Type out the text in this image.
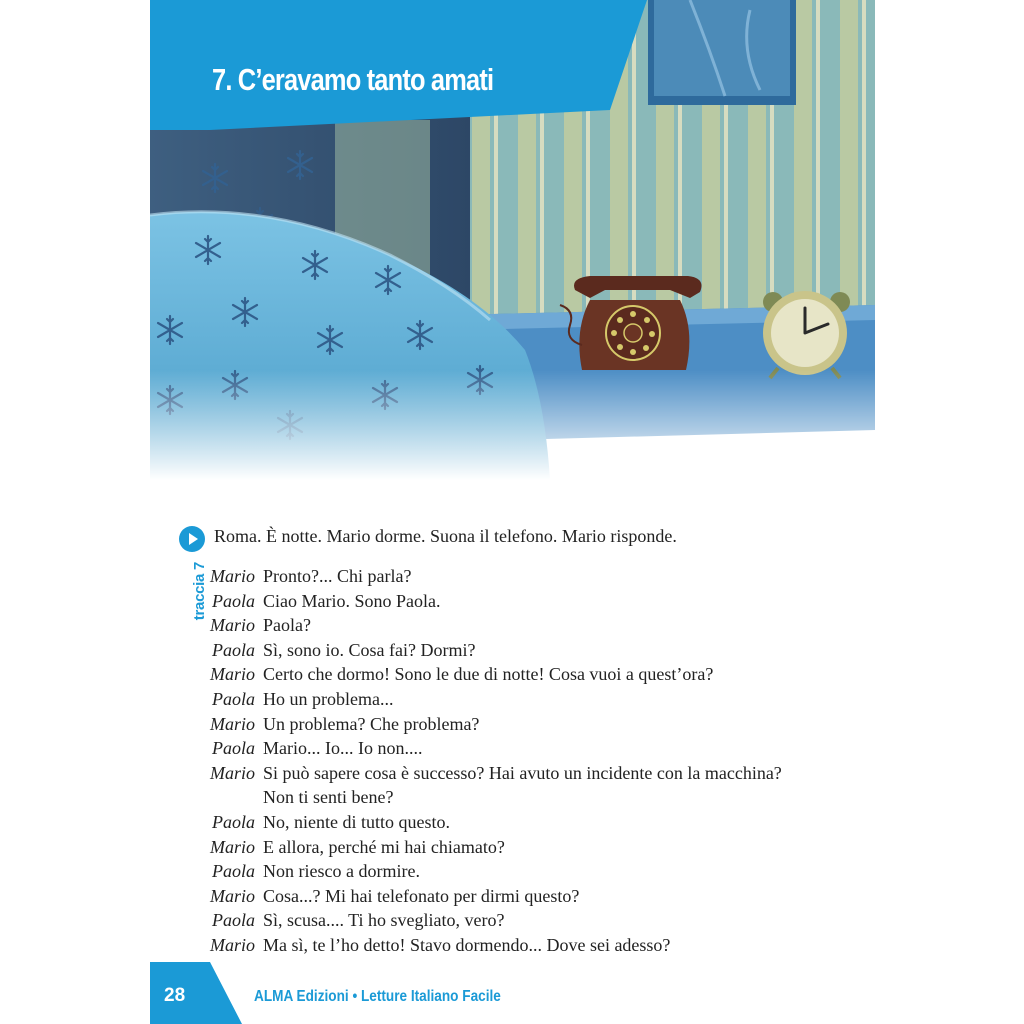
7. C’eravamo tanto amati
Roma. È notte. Mario dorme. Suona il telefono. Mario risponde.
traccia 7 Mario Pronto?... Chi parla?
Paola Ciao Mario. Sono Paola.
Mario Paola?
Paola Sì, sono io. Cosa fai? Dormi?
Mario Certo che dormo! Sono le due di notte! Cosa vuoi a quest’ora?
Paola Ho un problema...
Mario Un problema? Che problema?
Paola Mario... Io... Io non....
Mario Si può sapere cosa è successo? Hai avuto un incidente con la macchina? Non ti senti bene?
Paola No, niente di tutto questo.
Mario E allora, perché mi hai chiamato?
Paola Non riesco a dormire.
Mario Cosa...? Mi hai telefonato per dirmi questo?
Paola Sì, scusa.... Ti ho svegliato, vero?
Mario Ma sì, te l’ho detto! Stavo dormendo... Dove sei adesso?
28	ALMA Edizioni • Letture Italiano Facile
